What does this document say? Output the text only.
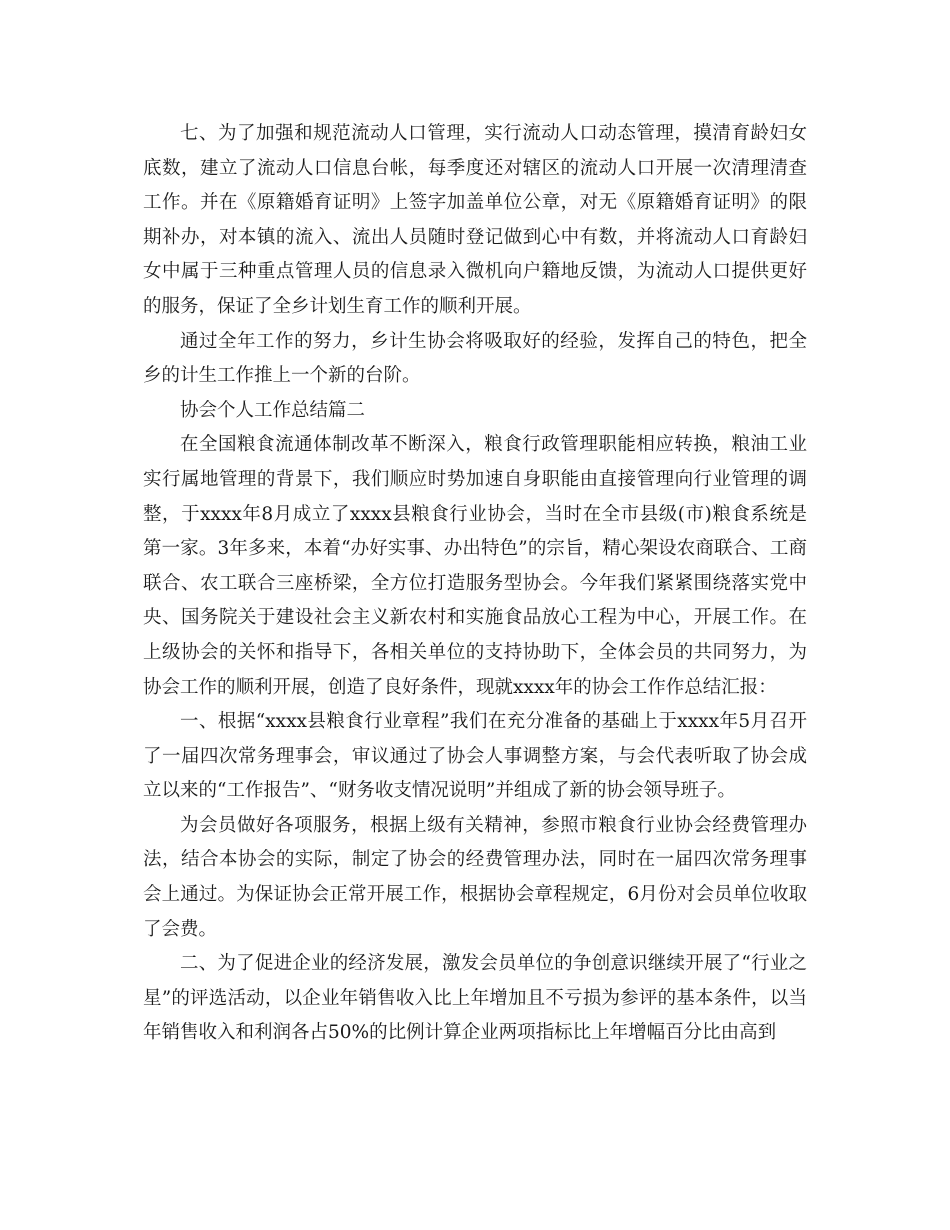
七、为了加强和规范流动人口管理，实行流动人口动态管理，摸清育龄妇女底数，建立了流动人口信息台帐，每季度还对辖区的流动人口开展一次清理清查工作。并在《原籍婚育证明》上签字加盖单位公章，对无《原籍婚育证明》的限期补办，对本镇的流入、流出人员随时登记做到心中有数，并将流动人口育龄妇女中属于三种重点管理人员的信息录入微机向户籍地反馈，为流动人口提供更好的服务，保证了全乡计划生育工作的顺利开展。

通过全年工作的努力，乡计生协会将吸取好的经验，发挥自己的特色，把全乡的计生工作推上一个新的台阶。

协会个人工作总结篇二

在全国粮食流通体制改革不断深入，粮食行政管理职能相应转换，粮油工业实行属地管理的背景下，我们顺应时势加速自身职能由直接管理向行业管理的调整，于xxxx年8月成立了xxxx县粮食行业协会，当时在全市县级(市)粮食系统是第一家。3年多来，本着“办好实事、办出特色”的宗旨，精心架设农商联合、工商联合、农工联合三座桥梁，全方位打造服务型协会。今年我们紧紧围绕落实党中央、国务院关于建设社会主义新农村和实施食品放心工程为中心，开展工作。在上级协会的关怀和指导下，各相关单位的支持协助下，全体会员的共同努力，为协会工作的顺利开展，创造了良好条件，现就xxxx年的协会工作作总结汇报：

一、根据“xxxx县粮食行业章程”我们在充分准备的基础上于xxxx年5月召开了一届四次常务理事会，审议通过了协会人事调整方案，与会代表听取了协会成立以来的“工作报告”、“财务收支情况说明”并组成了新的协会领导班子。

为会员做好各项服务，根据上级有关精神，参照市粮食行业协会经费管理办法，结合本协会的实际，制定了协会的经费管理办法，同时在一届四次常务理事会上通过。为保证协会正常开展工作，根据协会章程规定，6月份对会员单位收取了会费。

二、为了促进企业的经济发展，激发会员单位的争创意识继续开展了“行业之星”的评选活动，以企业年销售收入比上年增加且不亏损为参评的基本条件，以当年销售收入和利润各占50%的比例计算企业两项指标比上年增幅百分比由高到
